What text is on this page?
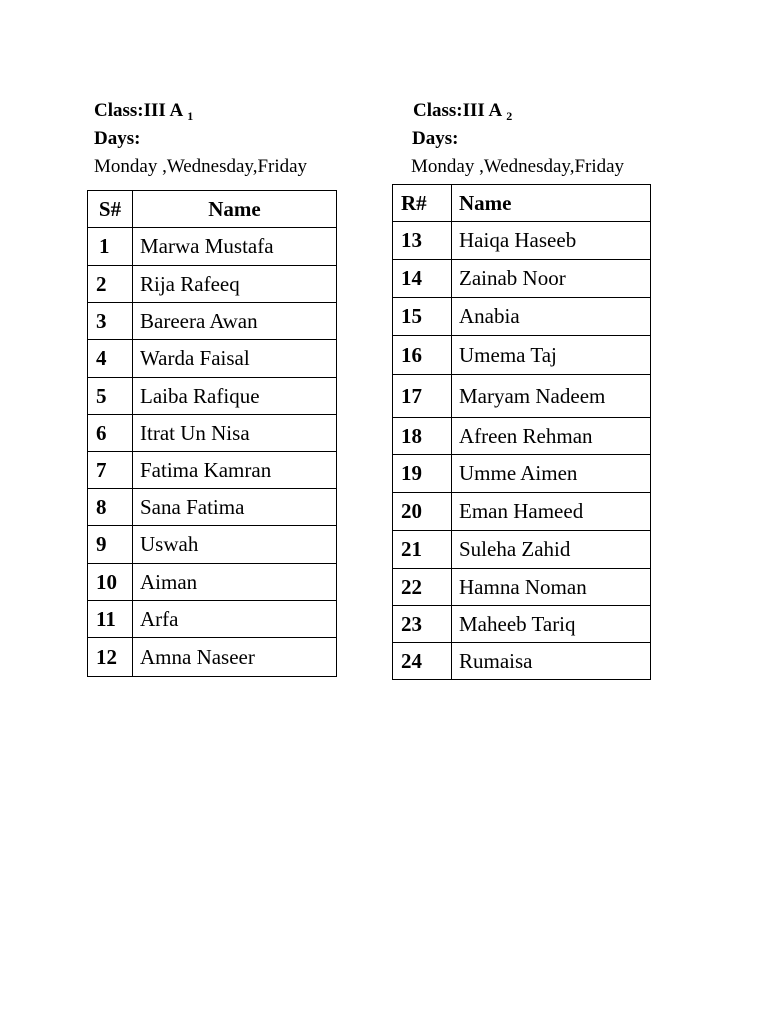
Class:III A $_1$
Days:
Monday ,Wednesday,Friday
S#	Name
1	Marwa Mustafa
2	Rija Rafeeq
3	Bareera Awan
4	Warda Faisal
5	Laiba Rafique
6	Itrat Un Nisa
7	Fatima Kamran
8	Sana Fatima
9	Uswah
10	Aiman
11	Arfa
12	Amna Naseer
Class:III A $_2$
Days:
Monday ,Wednesday,Friday
R#	Name
13	Haiqa Haseeb
14	Zainab Noor
15	Anabia
16	Umema Taj
17	Maryam Nadeem
18	Afreen Rehman
19	Umme Aimen
20	Eman Hameed
21	Suleha Zahid
22	Hamna Noman
23	Maheeb Tariq
24	Rumaisa
